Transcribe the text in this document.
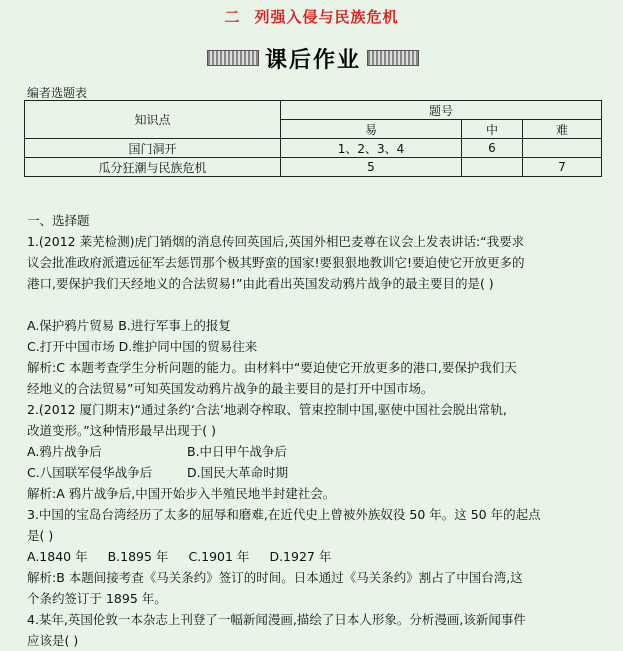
二 列强入侵与民族危机
课后作业
编者选题表
知识点	题号		
	易	中	难
国门洞开	1、2、3、4	6	
瓜分狂潮与民族危机	5		7
一、选择题
1.(2012 莱芜检测)虎门销烟的消息传回英国后,英国外相巴麦尊在议会上发表讲话:“我要求
议会批准政府派遣远征军去惩罚那个极其野蛮的国家!要狠狠地教训它!要迫使它开放更多的
港口,要保护我们天经地义的合法贸易!”由此看出英国发动鸦片战争的最主要目的是( )
A.保护鸦片贸易 B.进行军事上的报复
C.打开中国市场 D.维护同中国的贸易往来
解析:C 本题考查学生分析问题的能力。由材料中“要迫使它开放更多的港口,要保护我们天
经地义的合法贸易”可知英国发动鸦片战争的最主要目的是打开中国市场。
2.(2012 厦门期末)“通过条约‘合法’地剥夺榨取、管束控制中国,驱使中国社会脱出常轨,
改道变形。”这种情形最早出现于( )
A.鸦片战争后	B.中日甲午战争后
C.八国联军侵华战争后	D.国民大革命时期
解析:A 鸦片战争后,中国开始步入半殖民地半封建社会。
3.中国的宝岛台湾经历了太多的屈辱和磨难,在近代史上曾被外族奴役 50 年。这 50 年的起点
是( )
A.1840 年 B.1895 年 C.1901 年 D.1927 年
解析:B 本题间接考查《马关条约》签订的时间。日本通过《马关条约》割占了中国台湾,这
个条约签订于 1895 年。
4.某年,英国伦敦一本杂志上刊登了一幅新闻漫画,描绘了日本人形象。分析漫画,该新闻事件
应该是( )
